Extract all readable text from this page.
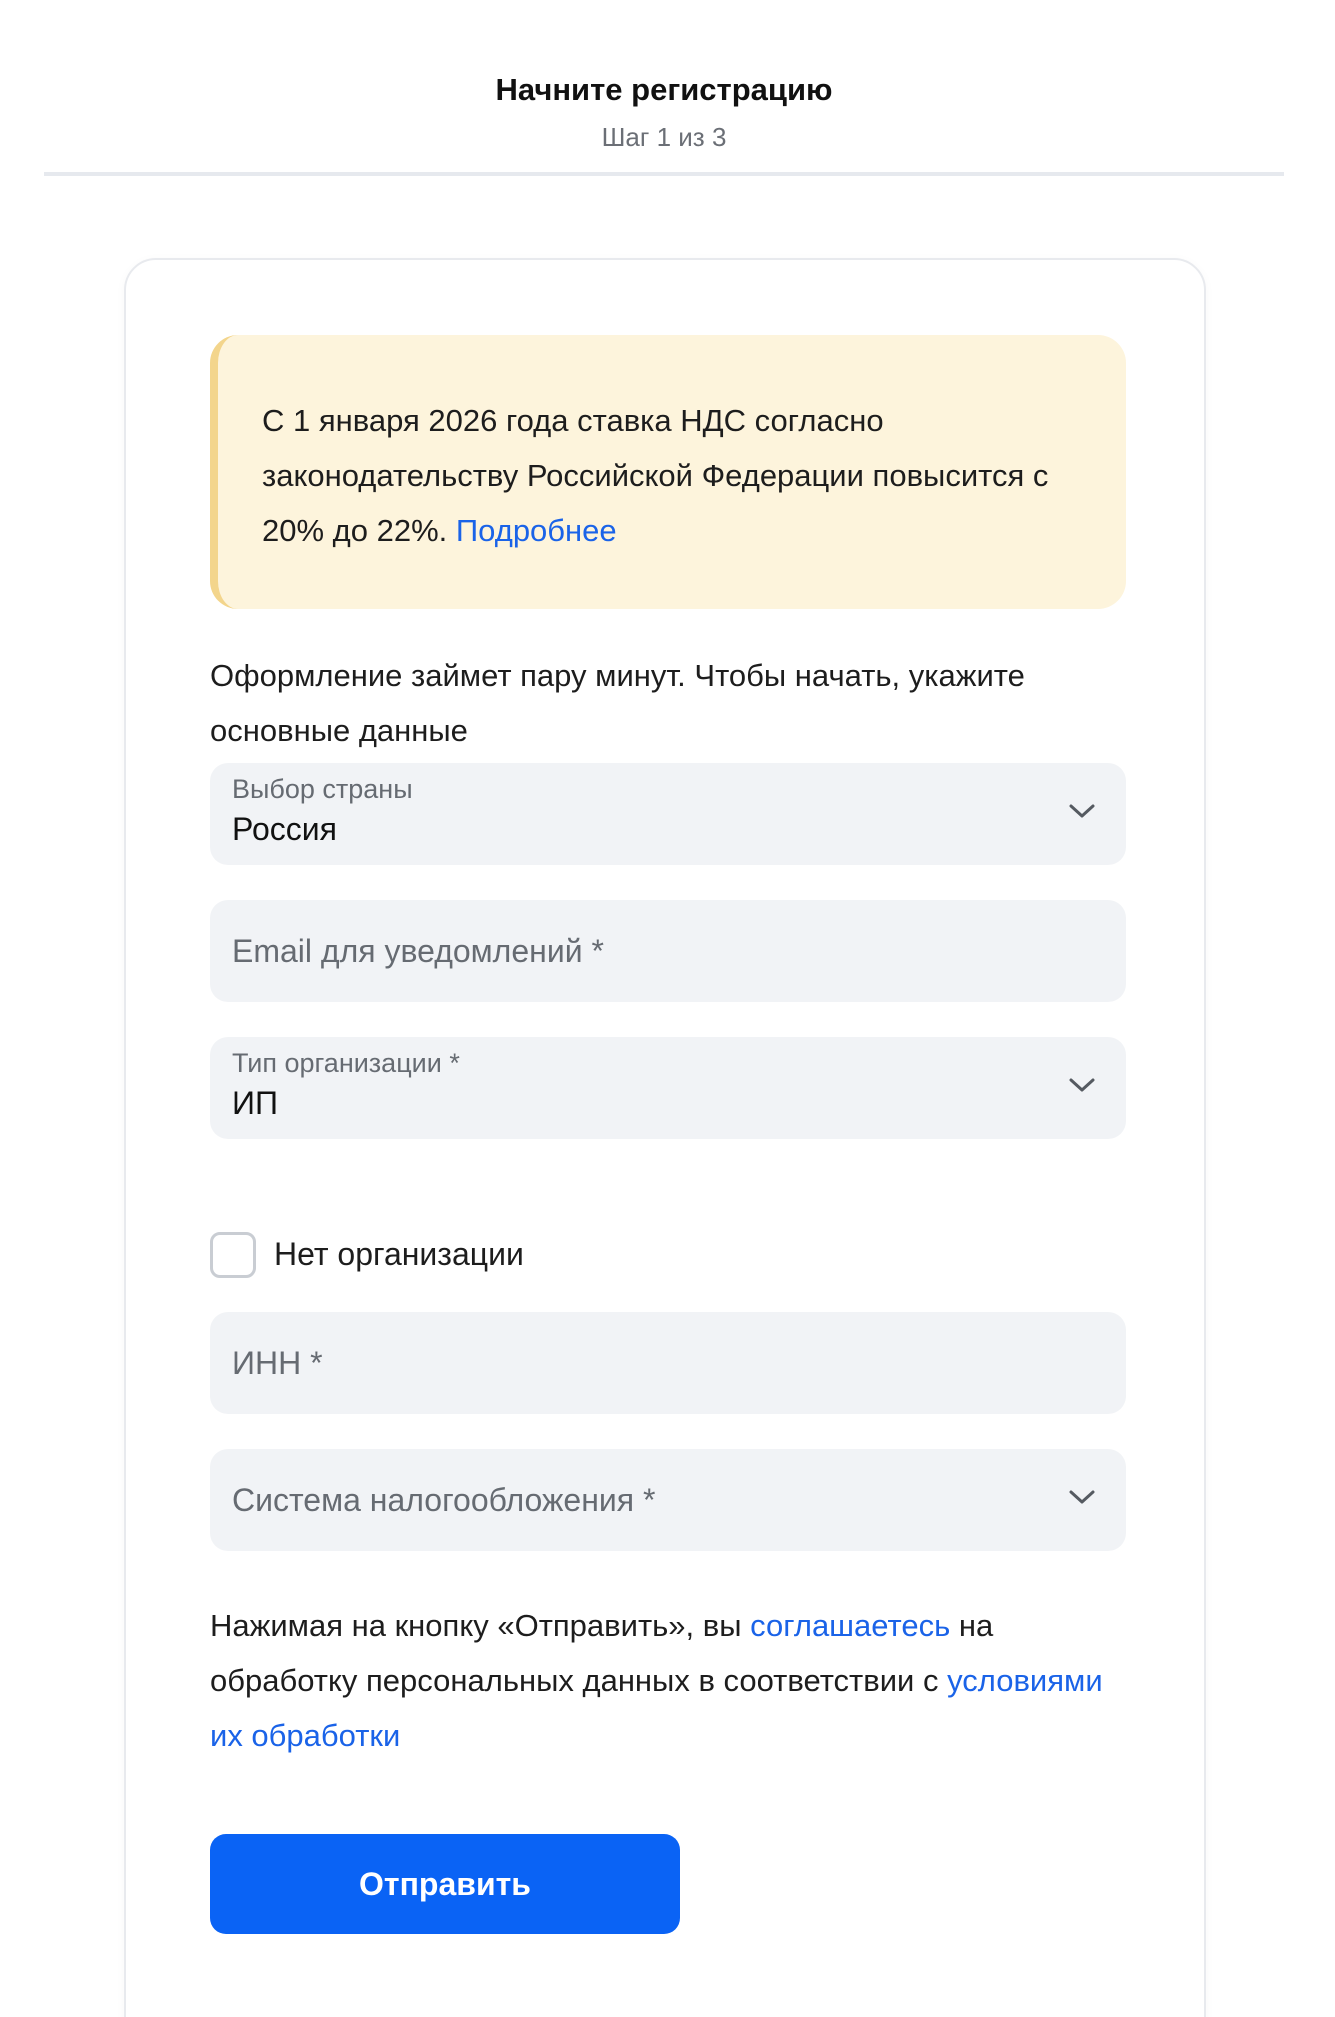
Начните регистрацию
Шаг 1 из 3
С 1 января 2026 года ставка НДС согласно законодательству Российской Федерации повысится с 20% до 22%. Подробнее
Оформление займет пару минут. Чтобы начать, укажите основные данные
Выбор страны
Россия
Email для уведомлений *
Тип организации *
ИП
Нет организации
ИНН *
Система налогообложения *
Нажимая на кнопку «Отправить», вы соглашаетесь на обработку персональных данных в соответствии с условиями их обработки
Отправить
